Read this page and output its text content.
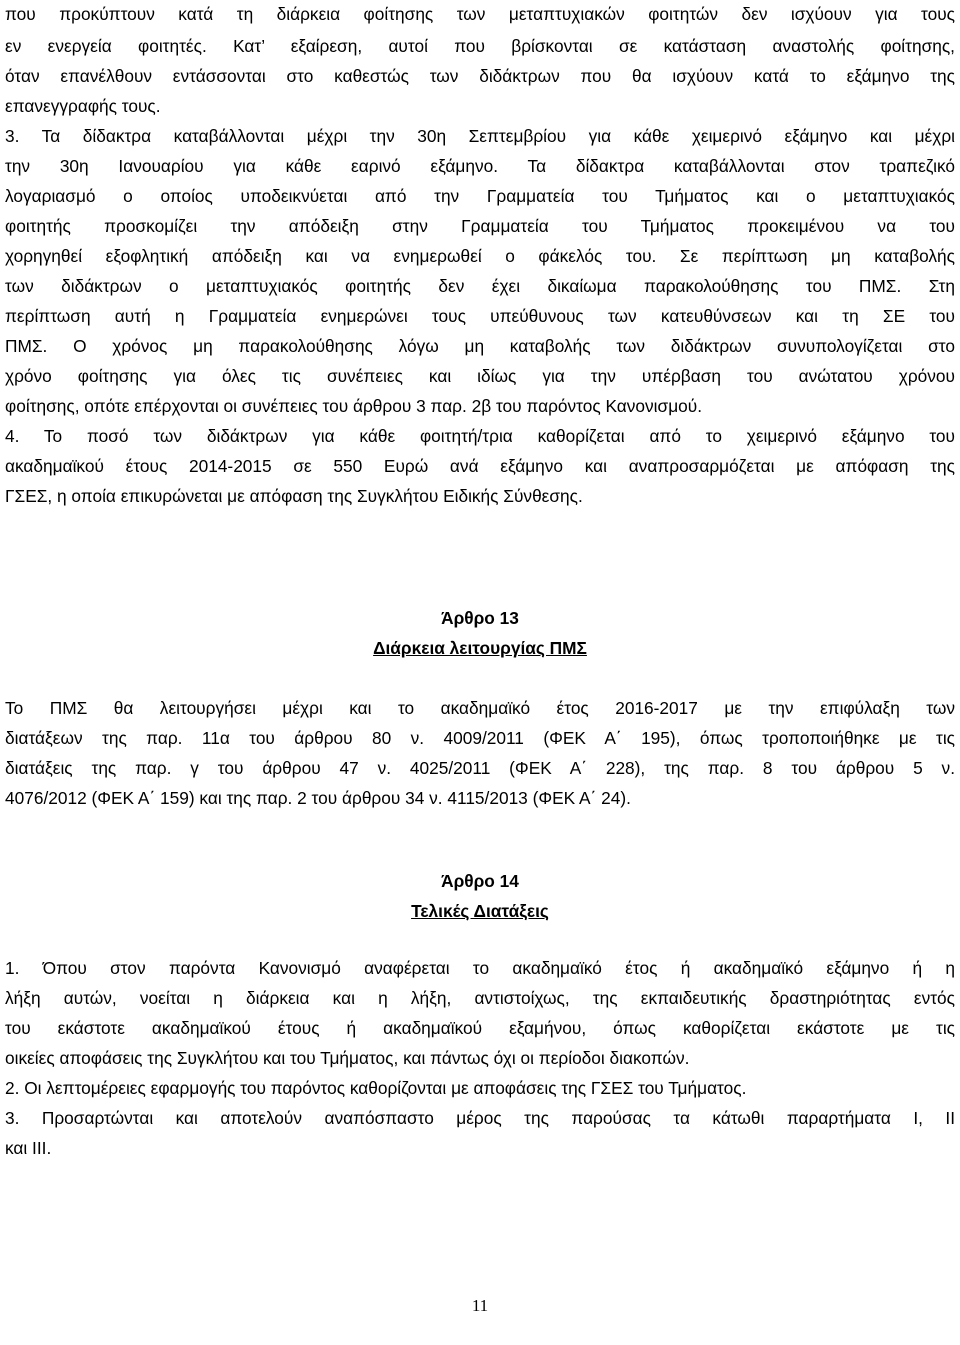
που προκύπτουν κατά τη διάρκεια φοίτησης των μεταπτυχιακών φοιτητών δεν ισχύουν για τους
εν ενεργεία φοιτητές. Κατ’ εξαίρεση, αυτοί που βρίσκονται σε κατάσταση αναστολής φοίτησης,
όταν επανέλθουν εντάσσονται στο καθεστώς των διδάκτρων που θα ισχύουν κατά το εξάμηνο της
επανεγγραφής τους.
3. Τα δίδακτρα καταβάλλονται μέχρι την 30η Σεπτεμβρίου για κάθε χειμερινό εξάμηνο και μέχρι
την 30η Ιανουαρίου για κάθε εαρινό εξάμηνο. Τα δίδακτρα καταβάλλονται στον τραπεζικό
λογαριασμό ο οποίος υποδεικνύεται από την Γραμματεία του Τμήματος και ο μεταπτυχιακός
φοιτητής προσκομίζει την απόδειξη στην Γραμματεία του Τμήματος προκειμένου να του
χορηγηθεί εξοφλητική απόδειξη και να ενημερωθεί ο φάκελός του. Σε περίπτωση μη καταβολής
των διδάκτρων ο μεταπτυχιακός φοιτητής δεν έχει δικαίωμα παρακολούθησης του ΠΜΣ. Στη
περίπτωση αυτή η Γραμματεία ενημερώνει τους υπεύθυνους των κατευθύνσεων και τη ΣΕ του
ΠΜΣ. Ο χρόνος μη παρακολούθησης λόγω μη καταβολής των διδάκτρων συνυπολογίζεται στο
χρόνο φοίτησης για όλες τις συνέπειες και ιδίως για την υπέρβαση του ανώτατου χρόνου
φοίτησης, οπότε επέρχονται οι συνέπειες του άρθρου 3 παρ. 2β του παρόντος Κανονισμού.
4. Το ποσό των διδάκτρων για κάθε φοιτητή/τρια καθορίζεται από το χειμερινό εξάμηνο του
ακαδημαϊκού έτους 2014-2015 σε 550 Ευρώ ανά εξάμηνο και αναπροσαρμόζεται με απόφαση της
ΓΣΕΣ, η οποία επικυρώνεται με απόφαση της Συγκλήτου Ειδικής Σύνθεσης.
Άρθρο 13
Διάρκεια λειτουργίας ΠΜΣ
Το ΠΜΣ θα λειτουργήσει μέχρι και το ακαδημαϊκό έτος 2016-2017 με την επιφύλαξη των
διατάξεων της παρ. 11α του άρθρου 80 ν. 4009/2011 (ΦΕΚ Α΄ 195), όπως τροποποιήθηκε με τις
διατάξεις της παρ. γ του άρθρου 47 ν. 4025/2011 (ΦΕΚ Α΄ 228), της παρ. 8 του άρθρου 5 ν.
4076/2012 (ΦΕΚ Α΄ 159) και της παρ. 2 του άρθρου 34 ν. 4115/2013 (ΦΕΚ Α΄ 24).
Άρθρο 14
Τελικές Διατάξεις
1. Όπου στον παρόντα Κανονισμό αναφέρεται το ακαδημαϊκό έτος ή ακαδημαϊκό εξάμηνο ή η
λήξη αυτών, νοείται η διάρκεια και η λήξη, αντιστοίχως, της εκπαιδευτικής δραστηριότητας εντός
του εκάστοτε ακαδημαϊκού έτους ή ακαδημαϊκού εξαμήνου, όπως καθορίζεται εκάστοτε με τις
οικείες αποφάσεις της Συγκλήτου και του Τμήματος, και πάντως όχι οι περίοδοι διακοπών.
2. Οι λεπτομέρειες εφαρμογής του παρόντος καθορίζονται με αποφάσεις της ΓΣΕΣ του Τμήματος.
3. Προσαρτώνται και αποτελούν αναπόσπαστο μέρος της παρούσας τα κάτωθι παραρτήματα Ι, ΙΙ
και ΙΙΙ.
11
